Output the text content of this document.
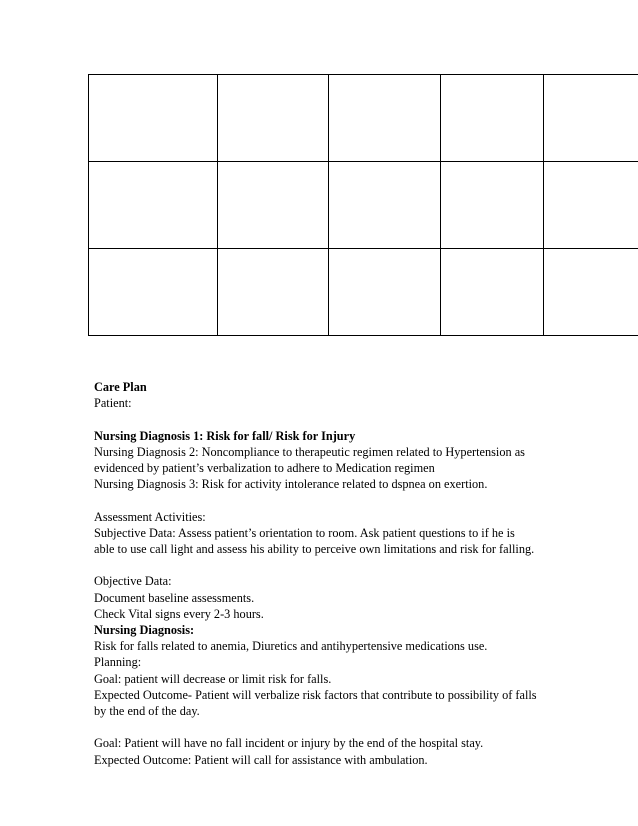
Care Plan
Patient:
Nursing Diagnosis 1: Risk for fall/ Risk for Injury
Nursing Diagnosis 2: Noncompliance to therapeutic regimen related to Hypertension as
evidenced by patient’s verbalization to adhere to Medication regimen
Nursing Diagnosis 3: Risk for activity intolerance related to dspnea on exertion.
Assessment Activities:
Subjective Data: Assess patient’s orientation to room. Ask patient questions to if he is
able to use call light and assess his ability to perceive own limitations and risk for falling.
Objective Data:
Document baseline assessments.
Check Vital signs every 2-3 hours.
Nursing Diagnosis:
Risk for falls related to anemia, Diuretics and antihypertensive medications use.
Planning:
Goal: patient will decrease or limit risk for falls.
Expected Outcome- Patient will verbalize risk factors that contribute to possibility of falls
by the end of the day.
Goal: Patient will have no fall incident or injury by the end of the hospital stay.
Expected Outcome: Patient will call for assistance with ambulation.
